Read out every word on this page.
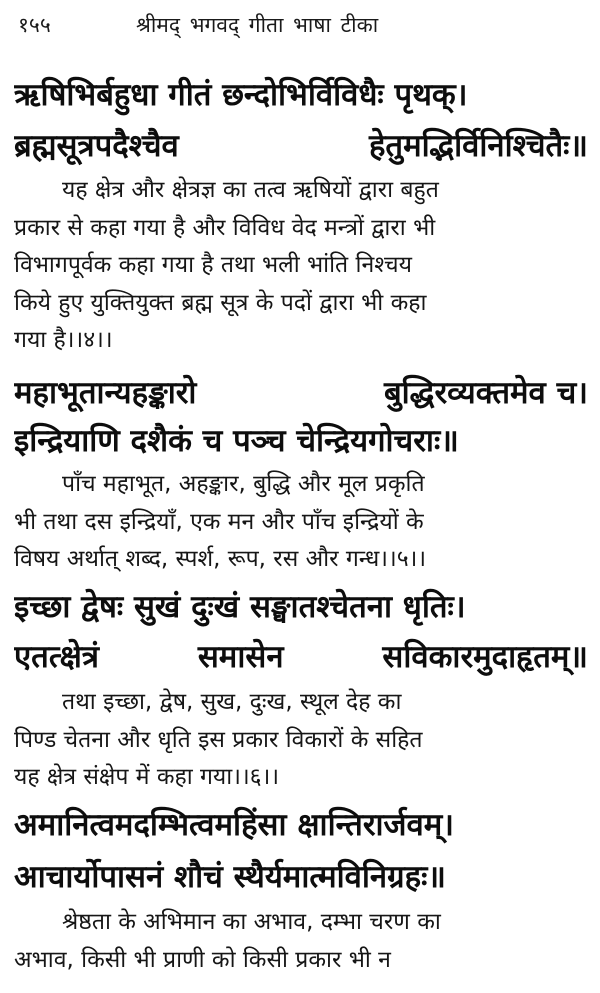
१५५	श्रीमद् भगवद् गीता भाषा टीका
ऋषिभिर्बहुधा गीतं छन्दोभिर्विविधैः पृथक्।
ब्रह्मसूत्रपदैश्चैव	हेतुमद्भिर्विनिश्चितैः॥
यह क्षेत्र और क्षेत्रज्ञ का तत्व ऋषियों द्वारा बहुत
प्रकार से कहा गया है और विविध वेद मन्त्रों द्वारा भी
विभागपूर्वक कहा गया है तथा भली भांति निश्चय
किये हुए युक्तियुक्त ब्रह्म सूत्र के पदों द्वारा भी कहा
गया है।।४।।
महाभूतान्यहङ्कारो	बुद्धिरव्यक्तमेव च।
इन्द्रियाणि दशैकं च पञ्च चेन्द्रियगोचराः॥
पाँच महाभूत, अहङ्कार, बुद्धि और मूल प्रकृति
भी तथा दस इन्द्रियाँ, एक मन और पाँच इन्द्रियों के
विषय अर्थात् शब्द, स्पर्श, रूप, रस और गन्ध।।५।।
इच्छा द्वेषः सुखं दुःखं सङ्घातश्चेतना धृतिः।
एतत्क्षेत्रं	समासेन	सविकारमुदाहृतम्॥
तथा इच्छा, द्वेष, सुख, दुःख, स्थूल देह का
पिण्ड चेतना और धृति इस प्रकार विकारों के सहित
यह क्षेत्र संक्षेप में कहा गया।।६।।
अमानित्वमदम्भित्वमहिंसा क्षान्तिरार्जवम्।
आचार्योपासनं शौचं स्थैर्यमात्मविनिग्रहः॥
श्रेष्ठता के अभिमान का अभाव, दम्भा चरण का
अभाव, किसी भी प्राणी को किसी प्रकार भी न
